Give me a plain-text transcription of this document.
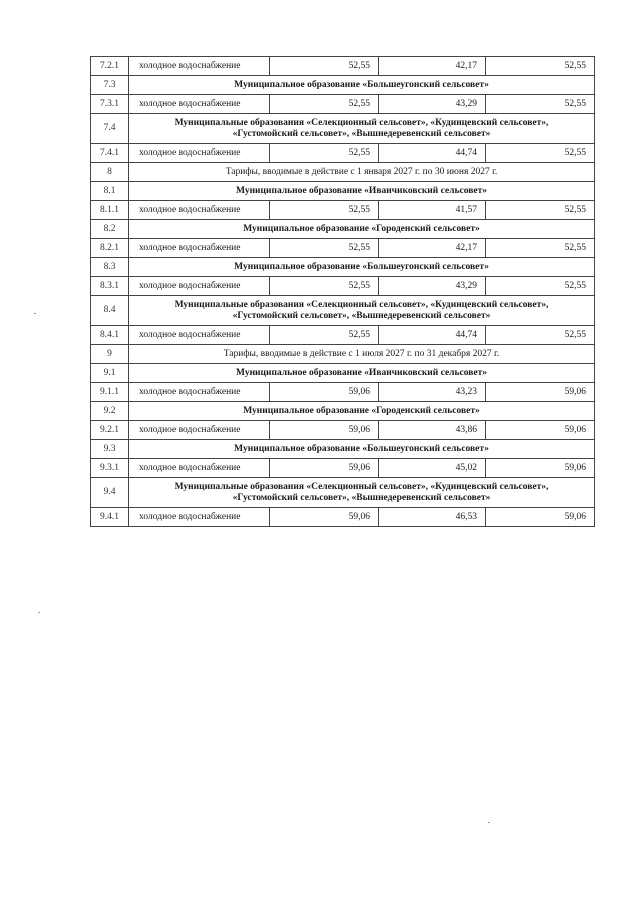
7.2.1	холодное водоснабжение	52,55	42,17	52,55
7.3	Муниципальное образование «Большеугонский сельсовет»			
7.3.1	холодное водоснабжение	52,55	43,29	52,55
7.4	Муниципальные образования «Селекционный сельсовет», «Кудинцевский сельсовет»,
«Густомойский сельсовет», «Вышнедеревенский сельсовет»			

7.4.1	холодное водоснабжение	52,55	44,74	52,55
8	Тарифы, вводимые в действие с 1 января 2027 г. по 30 июня 2027 г.			
8.1	Муниципальное образование «Иванчиковский сельсовет»			
8.1.1	холодное водоснабжение	52,55	41,57	52,55
8.2	Муниципальное образование «Городенский сельсовет»			
8.2.1	холодное водоснабжение	52,55	42,17	52,55
8.3	Муниципальное образование «Большеугонский сельсовет»			
8.3.1	холодное водоснабжение	52,55	43,29	52,55
8.4	Муниципальные образования «Селекционный сельсовет», «Кудинцевский сельсовет»,
«Густомойский сельсовет», «Вышнедеревенский сельсовет»			

8.4.1	холодное водоснабжение	52,55	44,74	52,55
9	Тарифы, вводимые в действие с 1 июля 2027 г. по 31 декабря 2027 г.			
9.1	Муниципальное образование «Иванчиковский сельсовет»			
9.1.1	холодное водоснабжение	59,06	43,23	59,06
9.2	Муниципальное образование «Городенский сельсовет»			
9.2.1	холодное водоснабжение	59,06	43,86	59,06
9.3	Муниципальное образование «Большеугонский сельсовет»			
9.3.1	холодное водоснабжение	59,06	45,02	59,06
9.4	Муниципальные образования «Селекционный сельсовет», «Кудинцевский сельсовет»,
«Густомойский сельсовет», «Вышнедеревенский сельсовет»			

9.4.1	холодное водоснабжение	59,06	46,53	59,06
